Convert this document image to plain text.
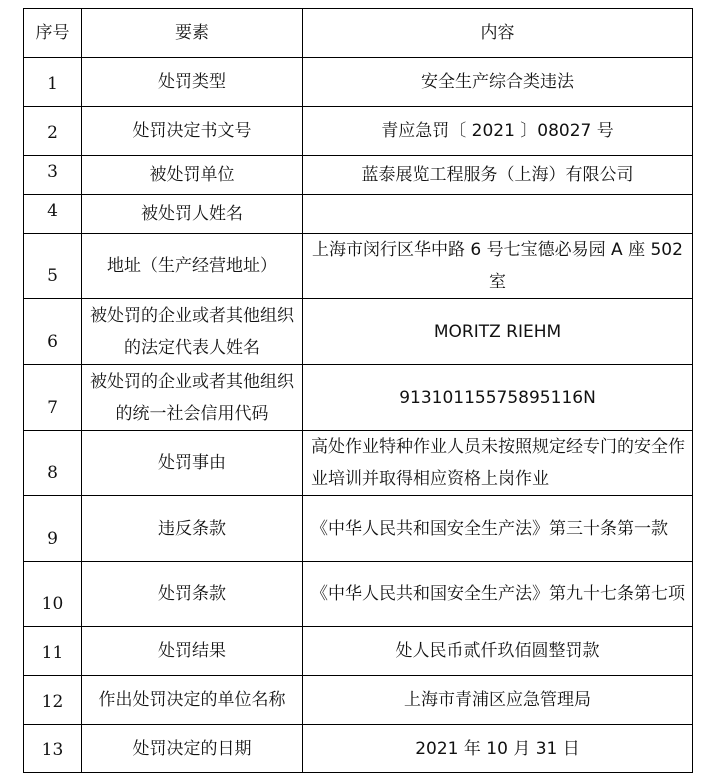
序号	要素	内容
1	处罚类型	安全生产综合类违法
2	处罚决定书文号	青应急罚〔 2021 〕08027 号
3	被处罚单位	蓝泰展览工程服务（上海）有限公司
4	被处罚人姓名	
5	地址（生产经营地址）	上海市闵行区华中路 6 号七宝德必易园 A 座 502 室
6	被处罚的企业或者其他组织的法定代表人姓名	MORITZ RIEHM
7	被处罚的企业或者其他组织的统一社会信用代码	91310115575895116N
8	处罚事由	高处作业特种作业人员未按照规定经专门的安全作业培训并取得相应资格上岗作业
9	违反条款	《中华人民共和国安全生产法》第三十条第一款
10	处罚条款	《中华人民共和国安全生产法》第九十七条第七项
11	处罚结果	处人民币贰仟玖佰圆整罚款
12	作出处罚决定的单位名称	上海市青浦区应急管理局
13	处罚决定的日期	2021 年 10 月 31 日
